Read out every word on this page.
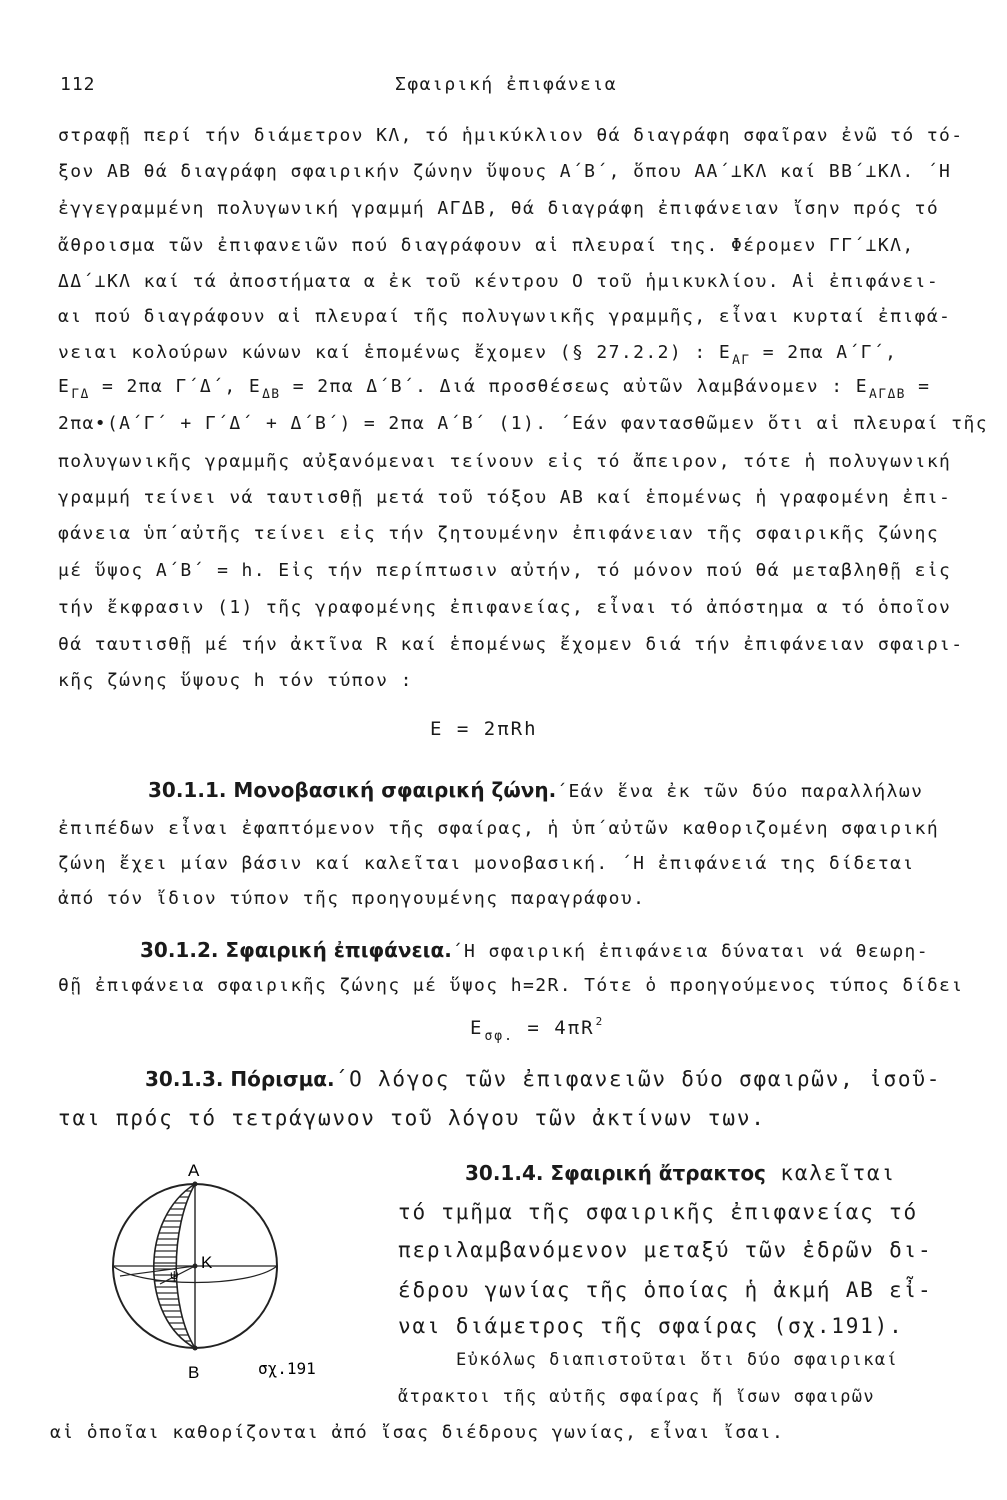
112	Σφαιρική ἐπιφάνεια
στραφῇ περί τήν διάμετρον ΚΛ, τό ἡμικύκλιον θά διαγράφη σφαῖραν ἐνῶ τό τό-
ξον ΑΒ θά διαγράφη σφαιρικήν ζώνην ὕψους Α΄Β΄, ὅπου ΑΑ΄⊥ΚΛ καί ΒΒ΄⊥ΚΛ. ΄Η
ἐγγεγραμμένη πολυγωνική γραμμή ΑΓΔΒ, θά διαγράφη ἐπιφάνειαν ἴσην πρός τό
ἄθροισμα τῶν ἐπιφανειῶν πού διαγράφουν αἱ πλευραί της. Φέρομεν ΓΓ΄⊥ΚΛ,
ΔΔ΄⊥ΚΛ καί τά ἀποστήματα α ἐκ τοῦ κέντρου Ο τοῦ ἡμικυκλίου. Αἱ ἐπιφάνει-
αι πού διαγράφουν αἱ πλευραί τῆς πολυγωνικῆς γραμμῆς, εἶναι κυρταί ἐπιφά-
νειαι κολούρων κώνων καί ἑπομένως ἔχομεν (§ 27.2.2) : $E_{A\Gamma} = 2\pi\alpha$ Α΄Γ΄,
$E_{\Gamma\Delta} = 2\pi\alpha$ Γ΄Δ΄, $E_{\Delta B} = 2\pi\alpha$ Δ΄Β΄. Διά προσθέσεως αὐτῶν λαμβάνομεν : $E_{A\Gamma\Delta B}$ =
2πα•(Α΄Γ΄ + Γ΄Δ΄ + Δ΄Β΄) = 2πα Α΄Β΄ (1). ΄Εάν φαντασθῶμεν ὅτι αἱ πλευραί τῆς
πολυγωνικῆς γραμμῆς αὐξανόμεναι τείνουν εἰς τό ἄπειρον, τότε ἡ πολυγωνική
γραμμή τείνει νά ταυτισθῇ μετά τοῦ τόξου ΑΒ καί ἑπομένως ἡ γραφομένη ἐπι-
φάνεια ὑπ΄αὐτῆς τείνει εἰς τήν ζητουμένην ἐπιφάνειαν τῆς σφαιρικῆς ζώνης
μέ ὕψος Α΄Β΄ = h. Εἰς τήν περίπτωσιν αὐτήν, τό μόνον πού θά μεταβληθῇ εἰς
τήν ἔκφρασιν (1) τῆς γραφομένης ἐπιφανείας, εἶναι τό ἀπόστημα α τό ὁποῖον
θά ταυτισθῇ μέ τήν ἀκτῖνα R καί ἑπομένως ἔχομεν διά τήν ἐπιφάνειαν σφαιρι-
κῆς ζώνης ὕψους h τόν τύπον :
Ε = 2πRh
30.1.1. Μονοβασική σφαιρική ζώνη.΄Εάν ἕνα ἐκ τῶν δύο παραλλήλων
ἐπιπέδων εἶναι ἐφαπτόμενον τῆς σφαίρας, ἡ ὑπ΄αὐτῶν καθοριζομένη σφαιρική
ζώνη ἔχει μίαν βάσιν καί καλεῖται μονοβασική. ΄Η ἐπιφάνειά της δίδεται
ἀπό τόν ἴδιον τύπον τῆς προηγουμένης παραγράφου.
30.1.2. Σφαιρική ἐπιφάνεια.΄Η σφαιρική ἐπιφάνεια δύναται νά θεωρη-
θῇ ἐπιφάνεια σφαιρικῆς ζώνης μέ ὕψος h=2R. Τότε ὁ προηγούμενος τύπος δίδει
$E_{\sigma\varphi.} = 4\pi R^2$
30.1.3. Πόρισμα.΄Ο λόγος τῶν ἐπιφανειῶν δύο σφαιρῶν, ἰσοῦ-
ται πρός τό τετράγωνον τοῦ λόγου τῶν ἀκτίνων των.
30.1.4. Σφαιρική ἄτρακτος καλεῖται
τό τμῆμα τῆς σφαιρικῆς ἐπιφανείας τό
περιλαμβανόμενον μεταξύ τῶν ἑδρῶν δι-
έδρου γωνίας τῆς ὁποίας ἡ ἀκμή ΑΒ εἶ-
ναι διάμετρος τῆς σφαίρας (σχ.191).
Εὐκόλως διαπιστοῦται ὅτι δύο σφαιρικαί
ἄτρακτοι τῆς αὐτῆς σφαίρας ἤ ἴσων σφαιρῶν
αἱ ὁποῖαι καθορίζονται ἀπό ἴσας διέδρους γωνίας, εἶναι ἴσαι.
Α
Β
Κ
ψ
σχ.191
